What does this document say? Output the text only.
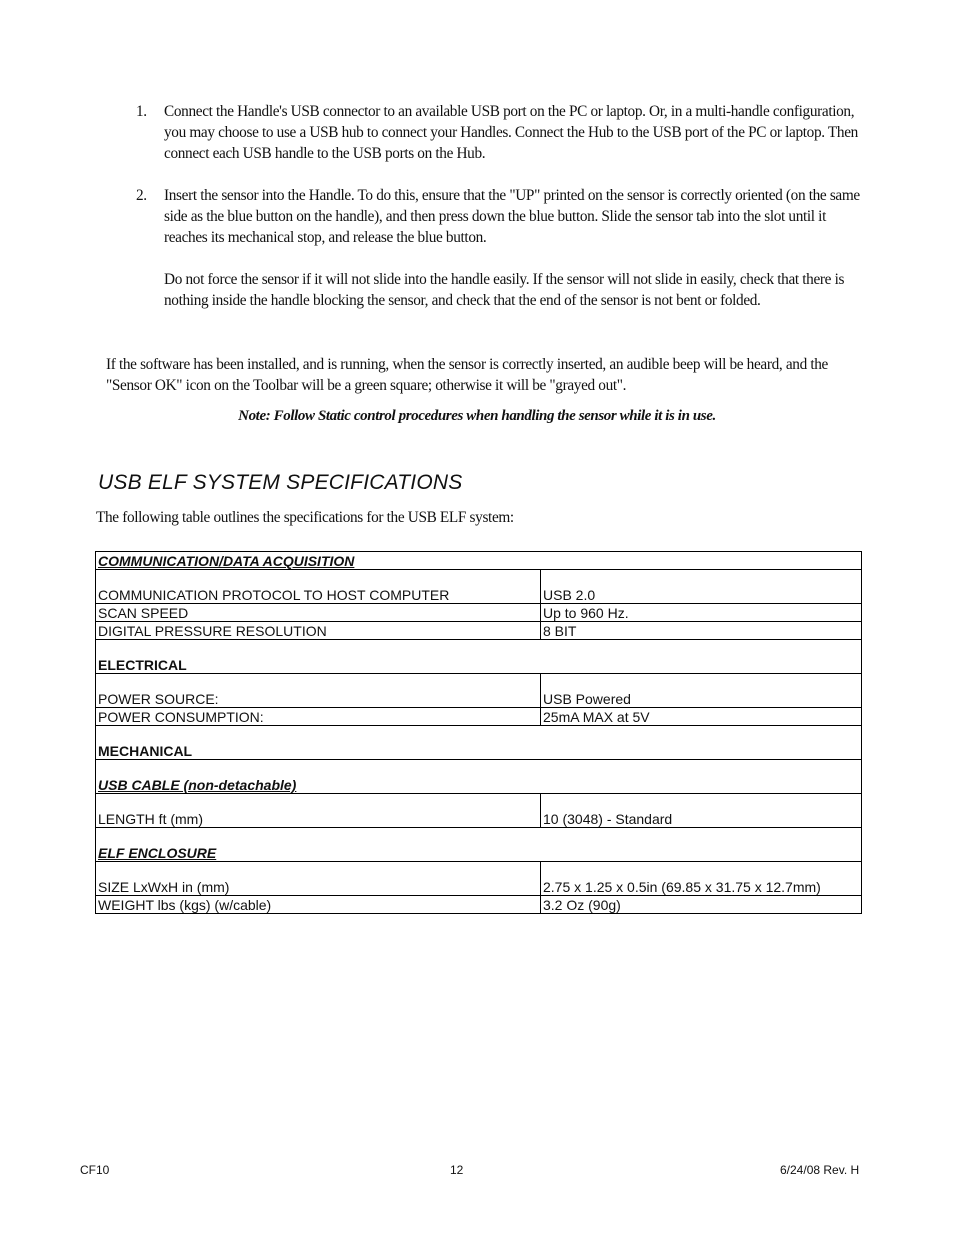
1. Connect the Handle's USB connector to an available USB port on the PC or laptop. Or, in a multi-handle configuration, you may choose to use a USB hub to connect your Handles. Connect the Hub to the USB port of the PC or laptop. Then connect each USB handle to the USB ports on the Hub.
2. Insert the sensor into the Handle. To do this, ensure that the "UP" printed on the sensor is correctly oriented (on the same side as the blue button on the handle), and then press down the blue button. Slide the sensor tab into the slot until it reaches its mechanical stop, and release the blue button.
Do not force the sensor if it will not slide into the handle easily. If the sensor will not slide in easily, check that there is nothing inside the handle blocking the sensor, and check that the end of the sensor is not bent or folded.
If the software has been installed, and is running, when the sensor is correctly inserted, an audible beep will be heard, and the "Sensor OK" icon on the Toolbar will be a green square; otherwise it will be "grayed out".
Note: Follow Static control procedures when handling the sensor while it is in use.
USB ELF SYSTEM SPECIFICATIONS
The following table outlines the specifications for the USB ELF system:
COMMUNICATION/DATA ACQUISITION	
COMMUNICATION PROTOCOL TO HOST COMPUTER	USB 2.0
SCAN SPEED	Up to 960 Hz.
DIGITAL PRESSURE RESOLUTION	8 BIT
ELECTRICAL	
POWER SOURCE:	USB Powered
POWER CONSUMPTION:	25mA MAX at 5V
MECHANICAL	
USB CABLE (non-detachable)	
LENGTH ft (mm)	10 (3048) - Standard
ELF ENCLOSURE	
SIZE LxWxH in (mm)	2.75 x 1.25 x 0.5in (69.85 x 31.75 x 12.7mm)
WEIGHT lbs (kgs) (w/cable)	3.2 Oz (90g)
CF10	12	6/24/08 Rev. H
